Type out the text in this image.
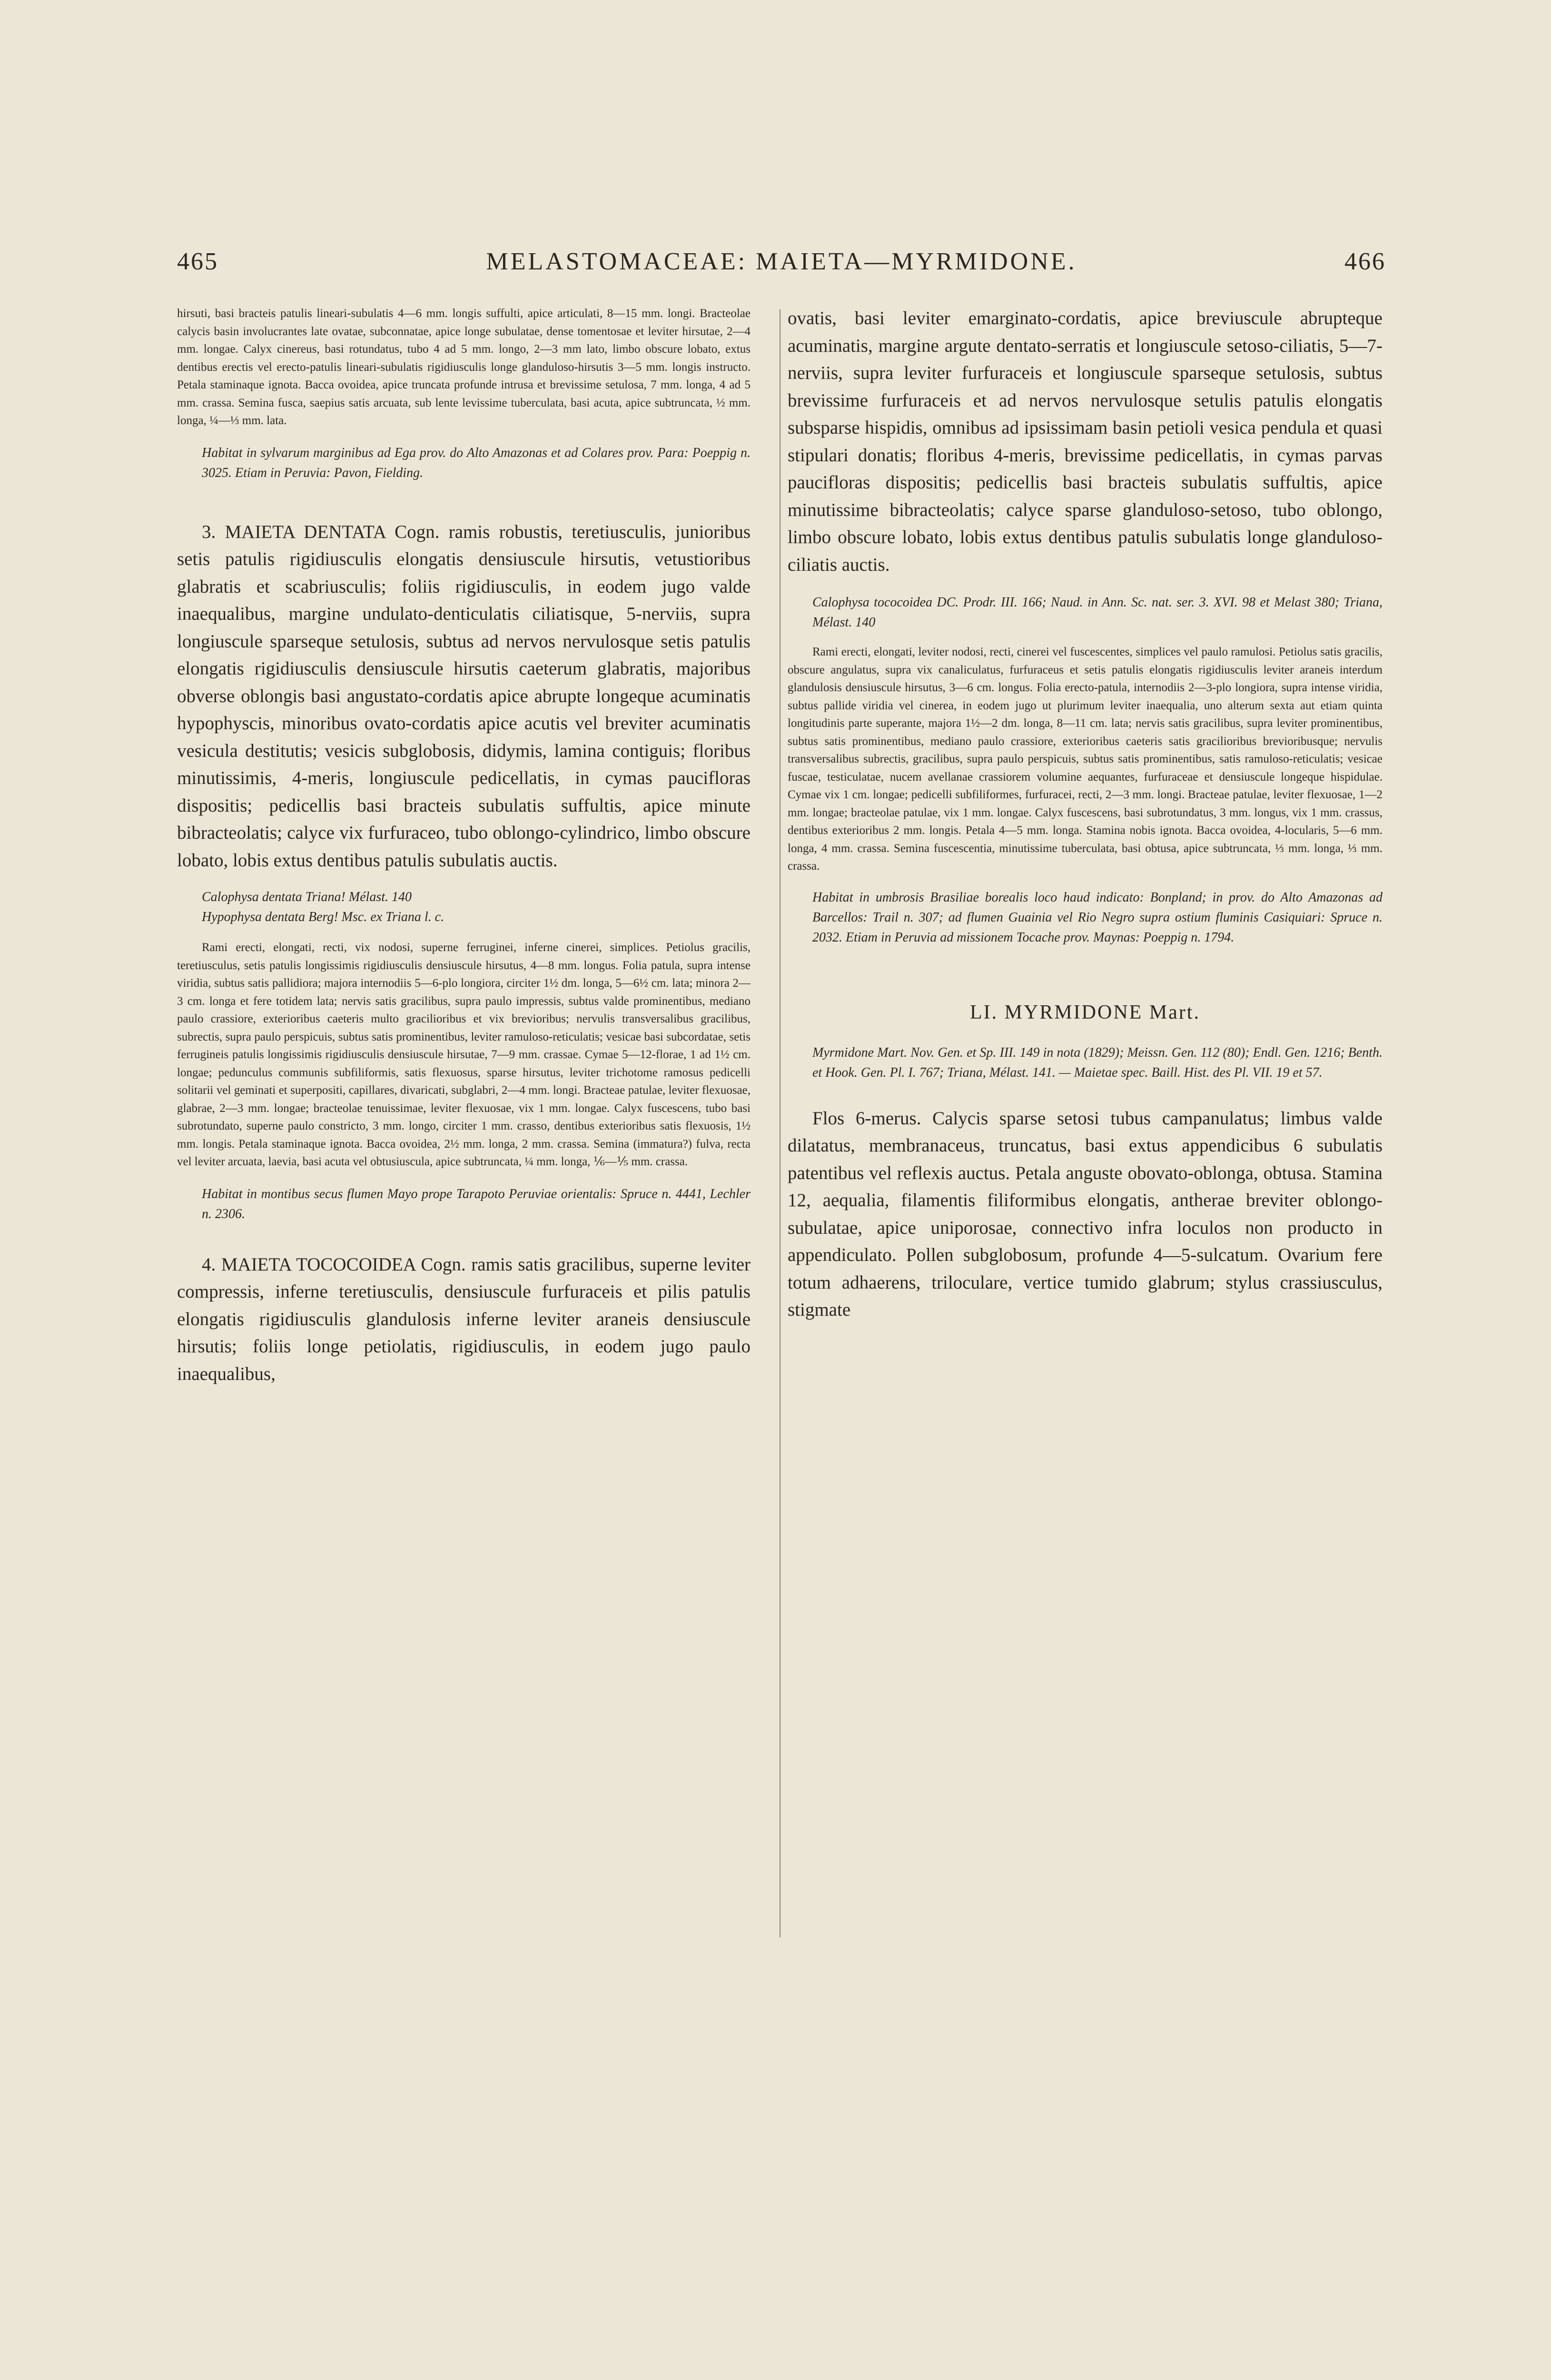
465	MELASTOMACEAE: MAIETA—MYRMIDONE.	466

hirsuti, basi bracteis patulis lineari-subulatis 4—6 mm. longis suffulti, apice articulati, 8—15 mm. longi. Bracteolae calycis basin involucrantes late ovatae, subconnatae, apice longe subulatae, dense tomentosae et leviter hirsutae, 2—4 mm. longae. Calyx cinereus, basi rotundatus, tubo 4 ad 5 mm. longo, 2—3 mm lato, limbo obscure lobato, extus dentibus erectis vel erecto-patulis lineari-subulatis rigidiusculis longe glanduloso-hirsutis 3—5 mm. longis instructo. Petala staminaque ignota. Bacca ovoidea, apice truncata profunde intrusa et brevissime setulosa, 7 mm. longa, 4 ad 5 mm. crassa. Semina fusca, saepius satis arcuata, sub lente levissime tuberculata, basi acuta, apice subtruncata, ½ mm. longa, ¼—⅓ mm. lata.

Habitat in sylvarum marginibus ad Ega prov. do Alto Amazonas et ad Colares prov. Para: Poeppig n. 3025. Etiam in Peruvia: Pavon, Fielding.

3. MAIETA DENTATA Cogn. ramis robustis, teretiusculis, junioribus setis patulis rigidiusculis elongatis densiuscule hirsutis, vetustioribus glabratis et scabriusculis; foliis rigidiusculis, in eodem jugo valde inaequalibus, margine undulato-denticulatis ciliatisque, 5-nerviis, supra longiuscule sparseque setulosis, subtus ad nervos nervulosque setis patulis elongatis rigidiusculis densiuscule hirsutis caeterum glabratis, majoribus obverse oblongis basi angustato-cordatis apice abrupte longeque acuminatis hypophyscis, minoribus ovato-cordatis apice acutis vel breviter acuminatis vesicula destitutis; vesicis subglobosis, didymis, lamina contiguis; floribus minutissimis, 4-meris, longiuscule pedicellatis, in cymas paucifloras dispositis; pedicellis basi bracteis subulatis suffultis, apice minute bibracteolatis; calyce vix furfuraceo, tubo oblongo-cylindrico, limbo obscure lobato, lobis extus dentibus patulis subulatis auctis.

Calophysa dentata Triana! Mélast. 140

Hypophysa dentata Berg! Msc. ex Triana l. c.

Rami erecti, elongati, recti, vix nodosi, superne ferruginei, inferne cinerei, simplices. Petiolus gracilis, teretiusculus, setis patulis longissimis rigidiusculis densiuscule hirsutus, 4—8 mm. longus. Folia patula, supra intense viridia, subtus satis pallidiora; majora internodiis 5—6-plo longiora, circiter 1½ dm. longa, 5—6½ cm. lata; minora 2—3 cm. longa et fere totidem lata; nervis satis gracilibus, supra paulo impressis, subtus valde prominentibus, mediano paulo crassiore, exterioribus caeteris multo gracilioribus et vix brevioribus; nervulis transversalibus gracilibus, subrectis, supra paulo perspicuis, subtus satis prominentibus, leviter ramuloso-reticulatis; vesicae basi subcordatae, setis ferrugineis patulis longissimis rigidiusculis densiuscule hirsutae, 7—9 mm. crassae. Cymae 5—12-florae, 1 ad 1½ cm. longae; pedunculus communis subfiliformis, satis flexuosus, sparse hirsutus, leviter trichotome ramosus pedicelli solitarii vel geminati et superpositi, capillares, divaricati, subglabri, 2—4 mm. longi. Bracteae patulae, leviter flexuosae, glabrae, 2—3 mm. longae; bracteolae tenuissimae, leviter flexuosae, vix 1 mm. longae. Calyx fuscescens, tubo basi subrotundato, superne paulo constricto, 3 mm. longo, circiter 1 mm. crasso, dentibus exterioribus satis flexuosis, 1½ mm. longis. Petala staminaque ignota. Bacca ovoidea, 2½ mm. longa, 2 mm. crassa. Semina (immatura?) fulva, recta vel leviter arcuata, laevia, basi acuta vel obtusiuscula, apice subtruncata, ¼ mm. longa, ⅙—⅕ mm. crassa.

Habitat in montibus secus flumen Mayo prope Tarapoto Peruviae orientalis: Spruce n. 4441, Lechler n. 2306.

4. MAIETA TOCOCOIDEA Cogn. ramis satis gracilibus, superne leviter compressis, inferne teretiusculis, densiuscule furfuraceis et pilis patulis elongatis rigidiusculis glandulosis inferne leviter araneis densiuscule hirsutis; foliis longe petiolatis, rigidiusculis, in eodem jugo paulo inaequalibus,

ovatis, basi leviter emarginato-cordatis, apice breviuscule abrupteque acuminatis, margine argute dentato-serratis et longiuscule setoso-ciliatis, 5—7-nerviis, supra leviter furfuraceis et longiuscule sparseque setulosis, subtus brevissime furfuraceis et ad nervos nervulosque setulis patulis elongatis subsparse hispidis, omnibus ad ipsissimam basin petioli vesica pendula et quasi stipulari donatis; floribus 4-meris, brevissime pedicellatis, in cymas parvas paucifloras dispositis; pedicellis basi bracteis subulatis suffultis, apice minutissime bibracteolatis; calyce sparse glanduloso-setoso, tubo oblongo, limbo obscure lobato, lobis extus dentibus patulis subulatis longe glanduloso-ciliatis auctis.

Calophysa tococoidea DC. Prodr. III. 166; Naud. in Ann. Sc. nat. ser. 3. XVI. 98 et Melast 380; Triana, Mélast. 140

Rami erecti, elongati, leviter nodosi, recti, cinerei vel fuscescentes, simplices vel paulo ramulosi. Petiolus satis gracilis, obscure angulatus, supra vix canaliculatus, furfuraceus et setis patulis elongatis rigidiusculis leviter araneis interdum glandulosis densiuscule hirsutus, 3—6 cm. longus. Folia erecto-patula, internodiis 2—3-plo longiora, supra intense viridia, subtus pallide viridia vel cinerea, in eodem jugo ut plurimum leviter inaequalia, uno alterum sexta aut etiam quinta longitudinis parte superante, majora 1½—2 dm. longa, 8—11 cm. lata; nervis satis gracilibus, supra leviter prominentibus, subtus satis prominentibus, mediano paulo crassiore, exterioribus caeteris satis gracilioribus brevioribusque; nervulis transversalibus subrectis, gracilibus, supra paulo perspicuis, subtus satis prominentibus, satis ramuloso-reticulatis; vesicae fuscae, testiculatae, nucem avellanae crassiorem volumine aequantes, furfuraceae et densiuscule longeque hispidulae. Cymae vix 1 cm. longae; pedicelli subfiliformes, furfuracei, recti, 2—3 mm. longi. Bracteae patulae, leviter flexuosae, 1—2 mm. longae; bracteolae patulae, vix 1 mm. longae. Calyx fuscescens, basi subrotundatus, 3 mm. longus, vix 1 mm. crassus, dentibus exterioribus 2 mm. longis. Petala 4—5 mm. longa. Stamina nobis ignota. Bacca ovoidea, 4-locularis, 5—6 mm. longa, 4 mm. crassa. Semina fuscescentia, minutissime tuberculata, basi obtusa, apice subtruncata, ⅓ mm. longa, ⅓ mm. crassa.

Habitat in umbrosis Brasiliae borealis loco haud indicato: Bonpland; in prov. do Alto Amazonas ad Barcellos: Trail n. 307; ad flumen Guainia vel Rio Negro supra ostium fluminis Casiquiari: Spruce n. 2032. Etiam in Peruvia ad missionem Tocache prov. Maynas: Poeppig n. 1794.

LI. MYRMIDONE Mart.

Myrmidone Mart. Nov. Gen. et Sp. III. 149 in nota (1829); Meissn. Gen. 112 (80); Endl. Gen. 1216; Benth. et Hook. Gen. Pl. I. 767; Triana, Mélast. 141. — Maietae spec. Baill. Hist. des Pl. VII. 19 et 57.

Flos 6-merus. Calycis sparse setosi tubus campanulatus; limbus valde dilatatus, membranaceus, truncatus, basi extus appendicibus 6 subulatis patentibus vel reflexis auctus. Petala anguste obovato-oblonga, obtusa. Stamina 12, aequalia, filamentis filiformibus elongatis, antherae breviter oblongo-subulatae, apice uniporosae, connectivo infra loculos non producto in appendiculato. Pollen subglobosum, profunde 4—5-sulcatum. Ovarium fere totum adhaerens, triloculare, vertice tumido glabrum; stylus crassiusculus, stigmate
